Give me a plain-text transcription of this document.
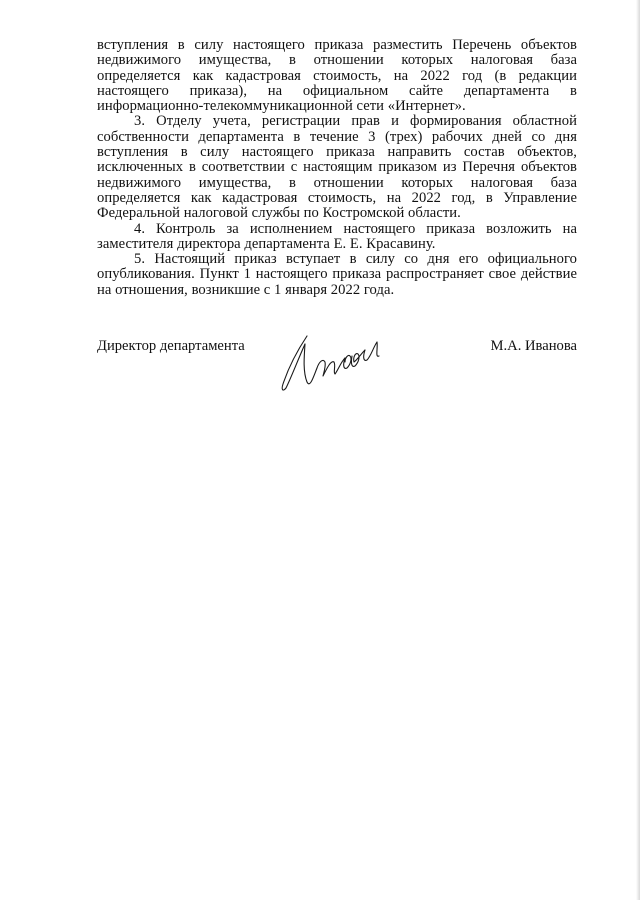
вступления в силу настоящего приказа разместить Перечень объектов недвижимого имущества, в отношении которых налоговая база определяется как кадастровая стоимость, на 2022 год (в редакции настоящего приказа), на официальном сайте департамента в информационно-телекоммуникационной сети «Интернет».

3. Отделу учета, регистрации прав и формирования областной собственности департамента в течение 3 (трех) рабочих дней со дня вступления в силу настоящего приказа направить состав объектов, исключенных в соответствии с настоящим приказом из Перечня объектов недвижимого имущества, в отношении которых налоговая база определяется как кадастровая стоимость, на 2022 год, в Управление Федеральной налоговой службы по Костромской области.

4. Контроль за исполнением настоящего приказа возложить на заместителя директора департамента Е. Е. Красавину.

5. Настоящий приказ вступает в силу со дня его официального опубликования. Пункт 1 настоящего приказа распространяет свое действие на отношения, возникшие с 1 января 2022 года.

Директор департамента	М.А. Иванова
